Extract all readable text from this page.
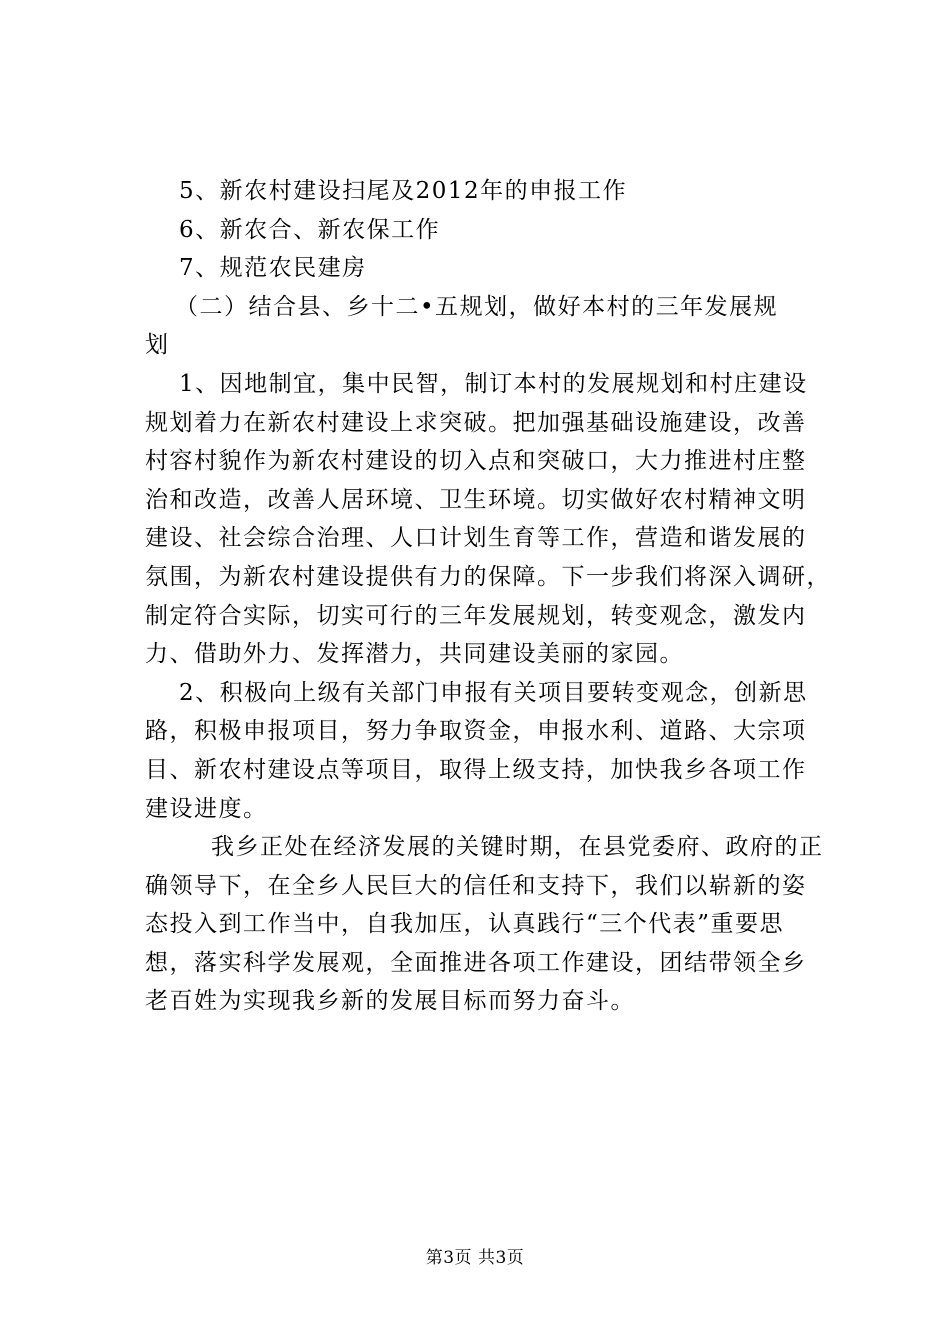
5、新农村建设扫尾及2012年的申报工作
6、新农合、新农保工作
7、规范农民建房
（二）结合县、乡十二•五规划，做好本村的三年发展规
划
1、因地制宜，集中民智，制订本村的发展规划和村庄建设
规划着力在新农村建设上求突破。把加强基础设施建设，改善
村容村貌作为新农村建设的切入点和突破口，大力推进村庄整
治和改造，改善人居环境、卫生环境。切实做好农村精神文明
建设、社会综合治理、人口计划生育等工作，营造和谐发展的
氛围，为新农村建设提供有力的保障。下一步我们将深入调研，
制定符合实际，切实可行的三年发展规划，转变观念，激发内
力、借助外力、发挥潜力，共同建设美丽的家园。
2、积极向上级有关部门申报有关项目要转变观念，创新思
路，积极申报项目，努力争取资金，申报水利、道路、大宗项
目、新农村建设点等项目，取得上级支持，加快我乡各项工作
建设进度。
我乡正处在经济发展的关键时期，在县党委府、政府的正
确领导下，在全乡人民巨大的信任和支持下，我们以崭新的姿
态投入到工作当中，自我加压，认真践行“三个代表”重要思
想，落实科学发展观，全面推进各项工作建设，团结带领全乡
老百姓为实现我乡新的发展目标而努力奋斗。
第3页 共3页
